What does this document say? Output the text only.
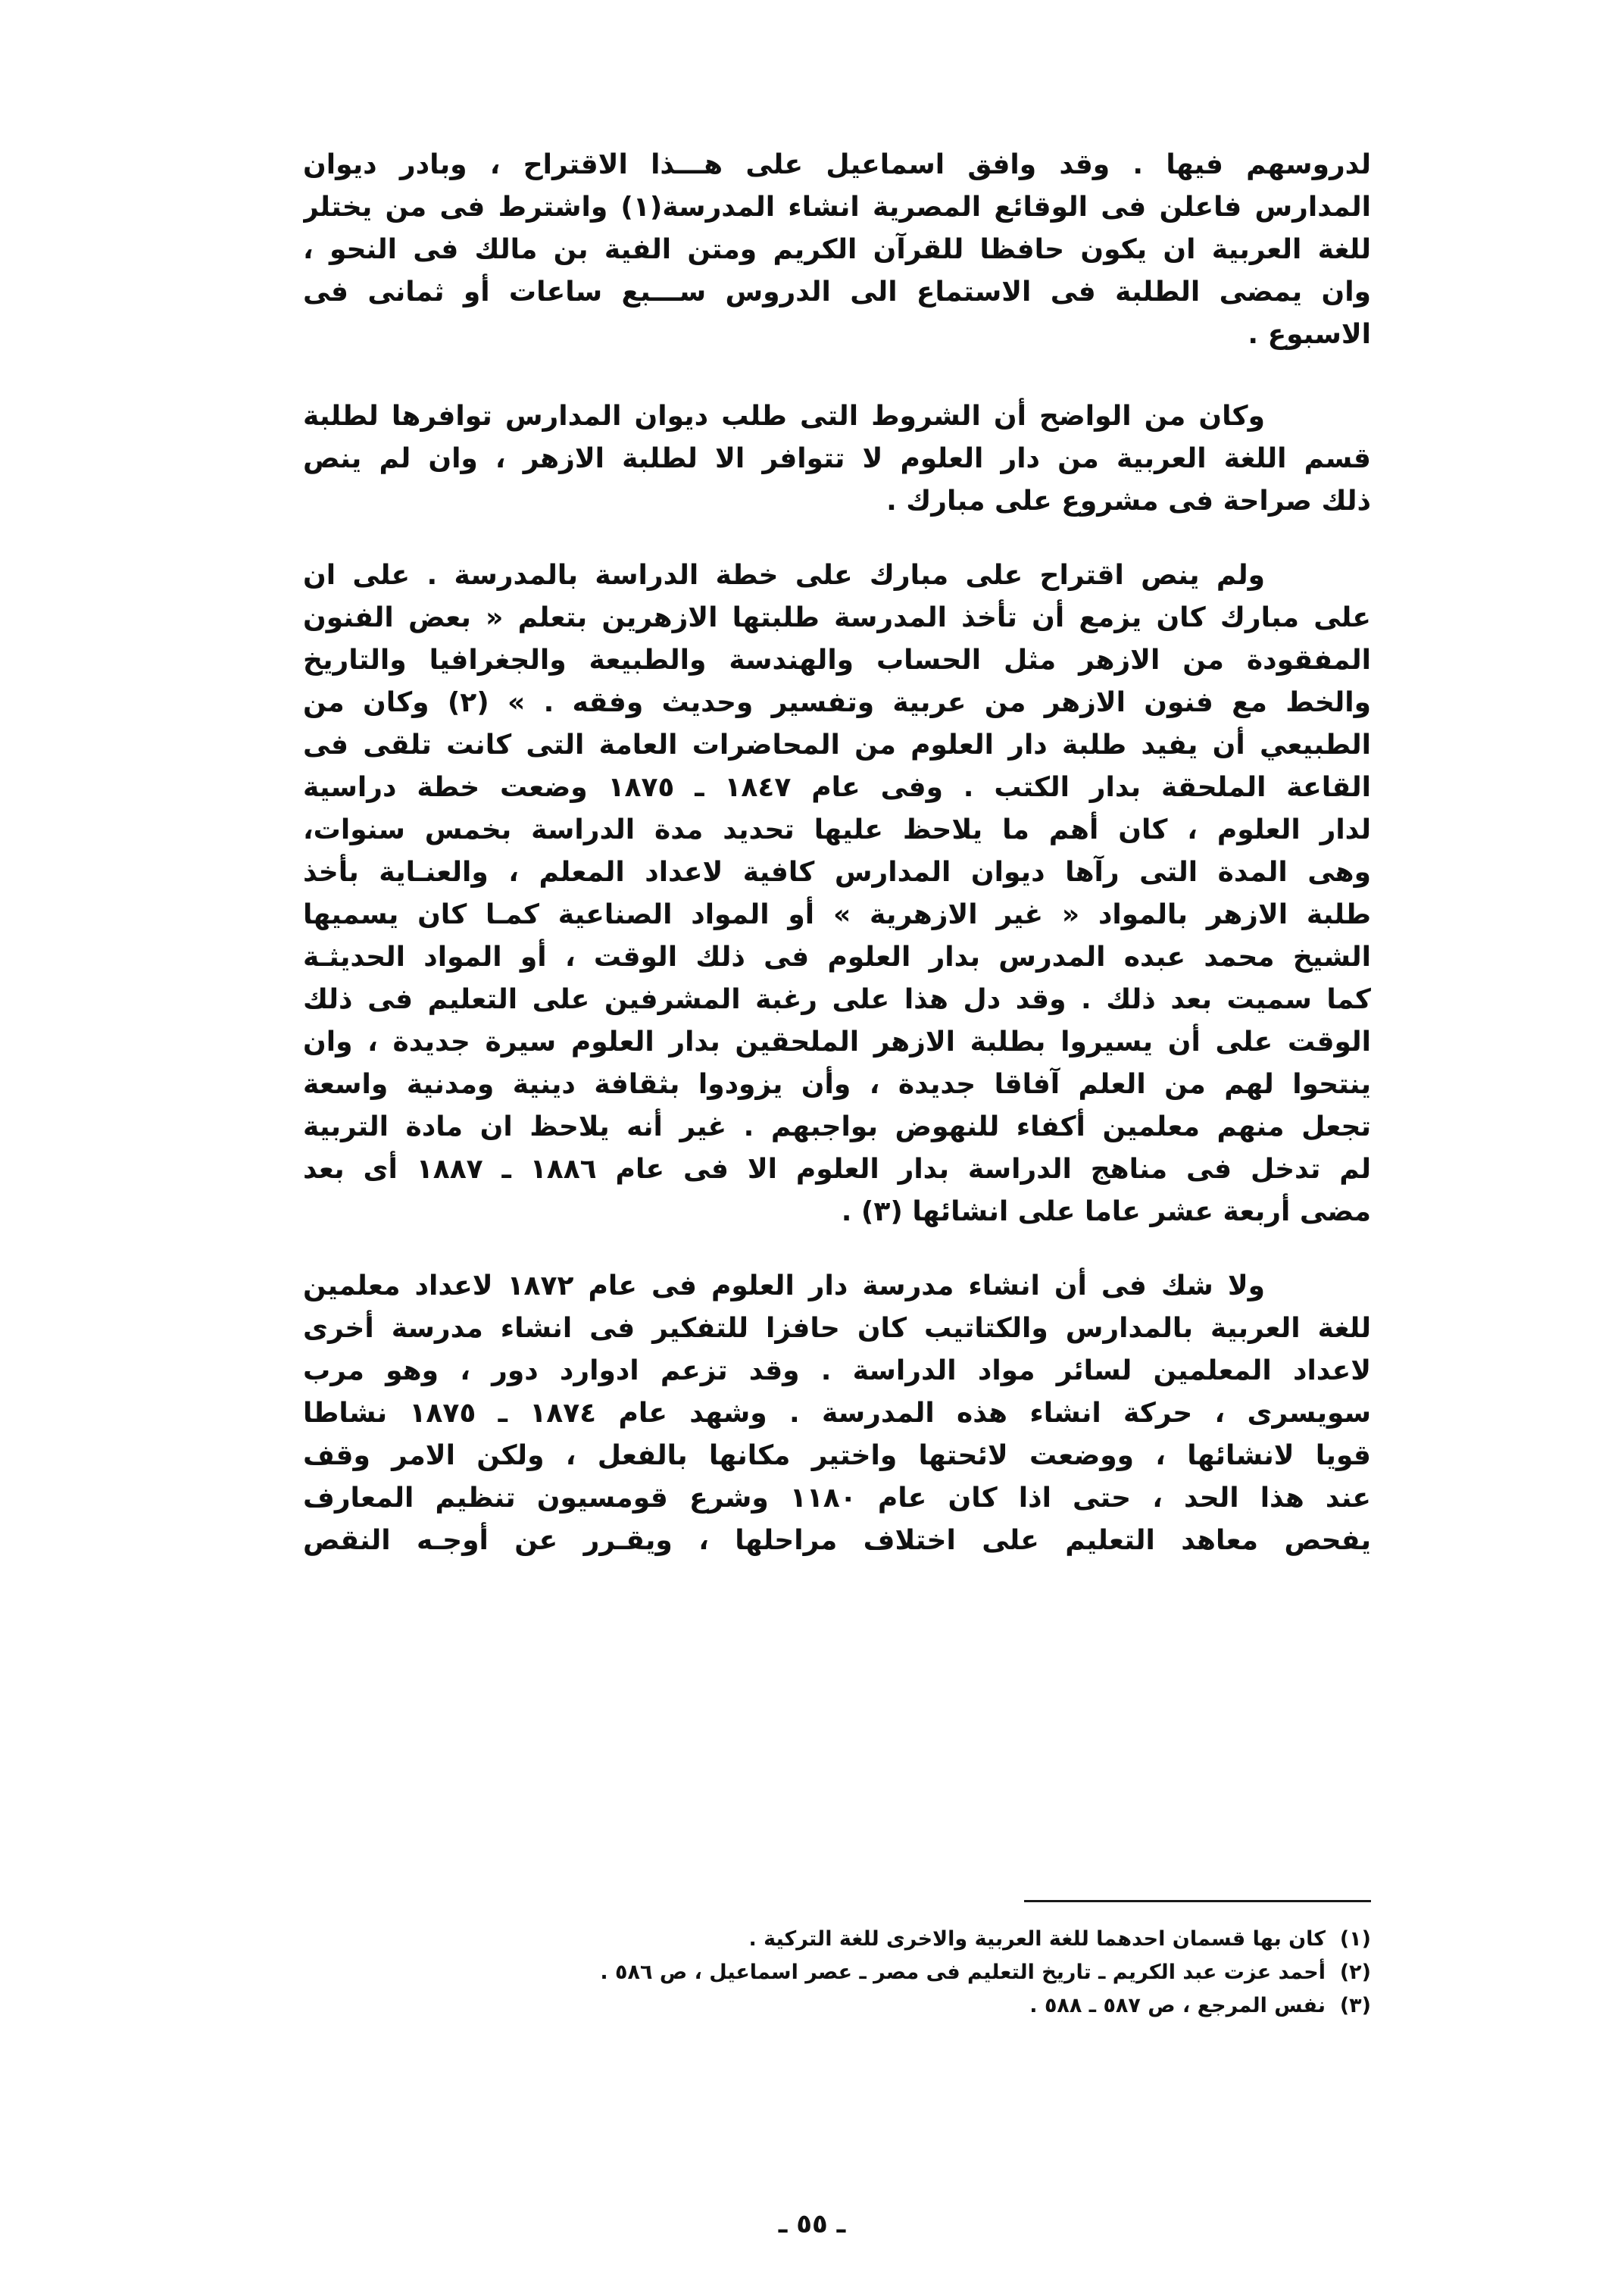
لدروسهم فيها . وقد وافق اسماعيل على هـــذا الاقتراح ، وبادر ديوان
المدارس فاعلن فى الوقائع المصرية انشاء المدرسة(١) واشترط فى من يختلر
للغة العربية ان يكون حافظا للقرآن الكريم ومتن الفية بن مالك فى النحو ،
وان يمضى الطلبة فى الاستماع الى الدروس ســـبع ساعات أو ثمانى فى
الاسبوع .
وكان من الواضح أن الشروط التى طلب ديوان المدارس توافرها لطلبة
قسم اللغة العربية من دار العلوم لا تتوافر الا لطلبة الازهر ، وان لم ينص
ذلك صراحة فى مشروع على مبارك .
ولم ينص اقتراح على مبارك على خطة الدراسة بالمدرسة . على ان
على مبارك كان يزمع أن تأخذ المدرسة طلبتها الازهرين بتعلم « بعض الفنون
المفقودة من الازهر مثل الحساب والهندسة والطبيعة والجغرافيا والتاريخ
والخط مع فنون الازهر من عربية وتفسير وحديث وفقه . » (٢) وكان من
الطبيعي أن يفيد طلبة دار العلوم من المحاضرات العامة التى كانت تلقى فى
القاعة الملحقة بدار الكتب . وفى عام ١٨٤٧ ـ ١٨٧٥ وضعت خطة دراسية
لدار العلوم ، كان أهم ما يلاحظ عليها تحديد مدة الدراسة بخمس سنوات،
وهى المدة التى رآها ديوان المدارس كافية لاعداد المعلم ، والعنـاية بأخذ
طلبة الازهر بالمواد « غير الازهرية » أو المواد الصناعية كمـا كان يسميها
الشيخ محمد عبده المدرس بدار العلوم فى ذلك الوقت ، أو المواد الحديثـة
كما سميت بعد ذلك . وقد دل هذا على رغبة المشرفين على التعليم فى ذلك
الوقت على أن يسيروا بطلبة الازهر الملحقين بدار العلوم سيرة جديدة ، وان
ينتحوا لهم من العلم آفاقا جديدة ، وأن يزودوا بثقافة دينية ومدنية واسعة
تجعل منهم معلمين أكفاء للنهوض بواجبهم . غير أنه يلاحظ ان مادة التربية
لم تدخل فى مناهج الدراسة بدار العلوم الا فى عام ١٨٨٦ ـ ١٨٨٧ أى بعد
مضى أربعة عشر عاما على انشائها (٣) .
ولا شك فى أن انشاء مدرسة دار العلوم فى عام ١٨٧٢ لاعداد معلمين
للغة العربية بالمدارس والكتاتيب كان حافزا للتفكير فى انشاء مدرسة أخرى
لاعداد المعلمين لسائر مواد الدراسة . وقد تزعم ادوارد دور ، وهو مرب
سويسرى ، حركة انشاء هذه المدرسة . وشهد عام ١٨٧٤ ـ ١٨٧٥ نشاطا
قويا لانشائها ، ووضعت لائحتها واختير مكانها بالفعل ، ولكن الامر وقف
عند هذا الحد ، حتى اذا كان عام ١١٨٠ وشرع قومسيون تنظيم المعارف
يفحص معاهد التعليم على اختلاف مراحلها ، ويقـرر عن أوجـه النقص
(١)
كان بها قسمان احدهما للغة العربية والاخرى للغة التركية .
(٢)
أحمد عزت عبد الكريم ـ تاريخ التعليم فى مصر ـ عصر اسماعيل ، ص ٥٨٦ .
(٣)
نفس المرجع ، ص ٥٨٧ ـ ٥٨٨ .
ـ ٥٥ ـ
